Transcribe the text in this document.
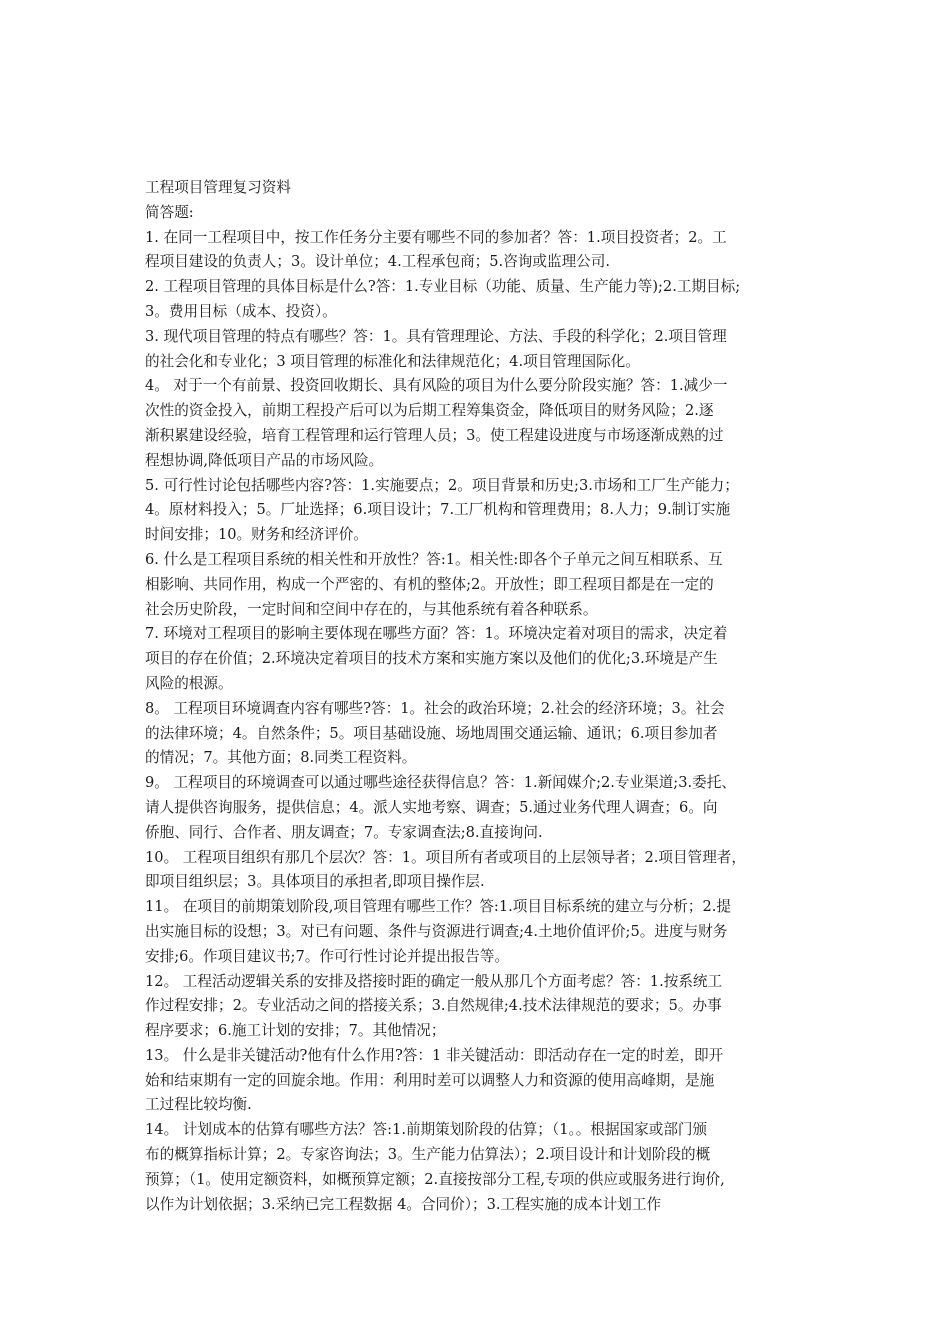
工程项目管理复习资料

简答题:

1. 在同一工程项目中，按工作任务分主要有哪些不同的参加者？答：1.项目投资者；2。工

程项目建设的负责人；3。设计单位；4.工程承包商；5.咨询或监理公司.

2. 工程项目管理的具体目标是什么?答：1.专业目标（功能、质量、生产能力等);2.工期目标;

3。费用目标（成本、投资）。

3. 现代项目管理的特点有哪些？答：1。具有管理理论、方法、手段的科学化；2.项目管理

的社会化和专业化；3 项目管理的标准化和法律规范化；4.项目管理国际化。

4。 对于一个有前景、投资回收期长、具有风险的项目为什么要分阶段实施？答：1.减少一

次性的资金投入，前期工程投产后可以为后期工程筹集资金，降低项目的财务风险；2.逐

渐积累建设经验，培育工程管理和运行管理人员；3。使工程建设进度与市场逐渐成熟的过

程想协调,降低项目产品的市场风险。

5. 可行性讨论包括哪些内容?答：1.实施要点；2。项目背景和历史;3.市场和工厂生产能力；

4。原材料投入；5。厂址选择；6.项目设计；7.工厂机构和管理费用；8.人力；9.制订实施

时间安排；10。财务和经济评价。

6. 什么是工程项目系统的相关性和开放性？答:1。相关性:即各个子单元之间互相联系、互

相影响、共同作用，构成一个严密的、有机的整体;2。开放性；即工程项目都是在一定的

社会历史阶段，一定时间和空间中存在的，与其他系统有着各种联系。

7. 环境对工程项目的影响主要体现在哪些方面？答：1。环境决定着对项目的需求，决定着

项目的存在价值；2.环境决定着项目的技术方案和实施方案以及他们的优化;3.环境是产生

风险的根源。

8。 工程项目环境调查内容有哪些?答：1。社会的政治环境；2.社会的经济环境；3。社会

的法律环境；4。自然条件；5。项目基础设施、场地周围交通运输、通讯；6.项目参加者

的情况；7。其他方面；8.同类工程资料。

9。 工程项目的环境调查可以通过哪些途径获得信息？答：1.新闻媒介;2.专业渠道;3.委托、

请人提供咨询服务，提供信息；4。派人实地考察、调查；5.通过业务代理人调查；6。向

侨胞、同行、合作者、朋友调查；7。专家调查法;8.直接询问.

10。 工程项目组织有那几个层次？答：1。项目所有者或项目的上层领导者；2.项目管理者，

即项目组织层；3。具体项目的承担者,即项目操作层.

11。 在项目的前期策划阶段,项目管理有哪些工作？答:1.项目目标系统的建立与分析；2.提

出实施目标的设想；3。对已有问题、条件与资源进行调查;4.土地价值评价;5。进度与财务

安排;6。作项目建议书;7。作可行性讨论并提出报告等。

12。 工程活动逻辑关系的安排及搭接时距的确定一般从那几个方面考虑？答：1.按系统工

作过程安排；2。专业活动之间的搭接关系；3.自然规律;4.技术法律规范的要求；5。办事

程序要求；6.施工计划的安排；7。其他情况；

13。 什么是非关键活动?他有什么作用?答：1 非关键活动：即活动存在一定的时差，即开

始和结束期有一定的回旋余地。作用：利用时差可以调整人力和资源的使用高峰期，是施

工过程比较均衡.

14。 计划成本的估算有哪些方法？答:1.前期策划阶段的估算；（1。。根据国家或部门颁

布的概算指标计算；2。专家咨询法；3。生产能力估算法）；2.项目设计和计划阶段的概

预算；（1。使用定额资料，如概预算定额；2.直接按部分工程,专项的供应或服务进行询价,

以作为计划依据；3.采纳已完工程数据 4。合同价）；3.工程实施的成本计划工作
